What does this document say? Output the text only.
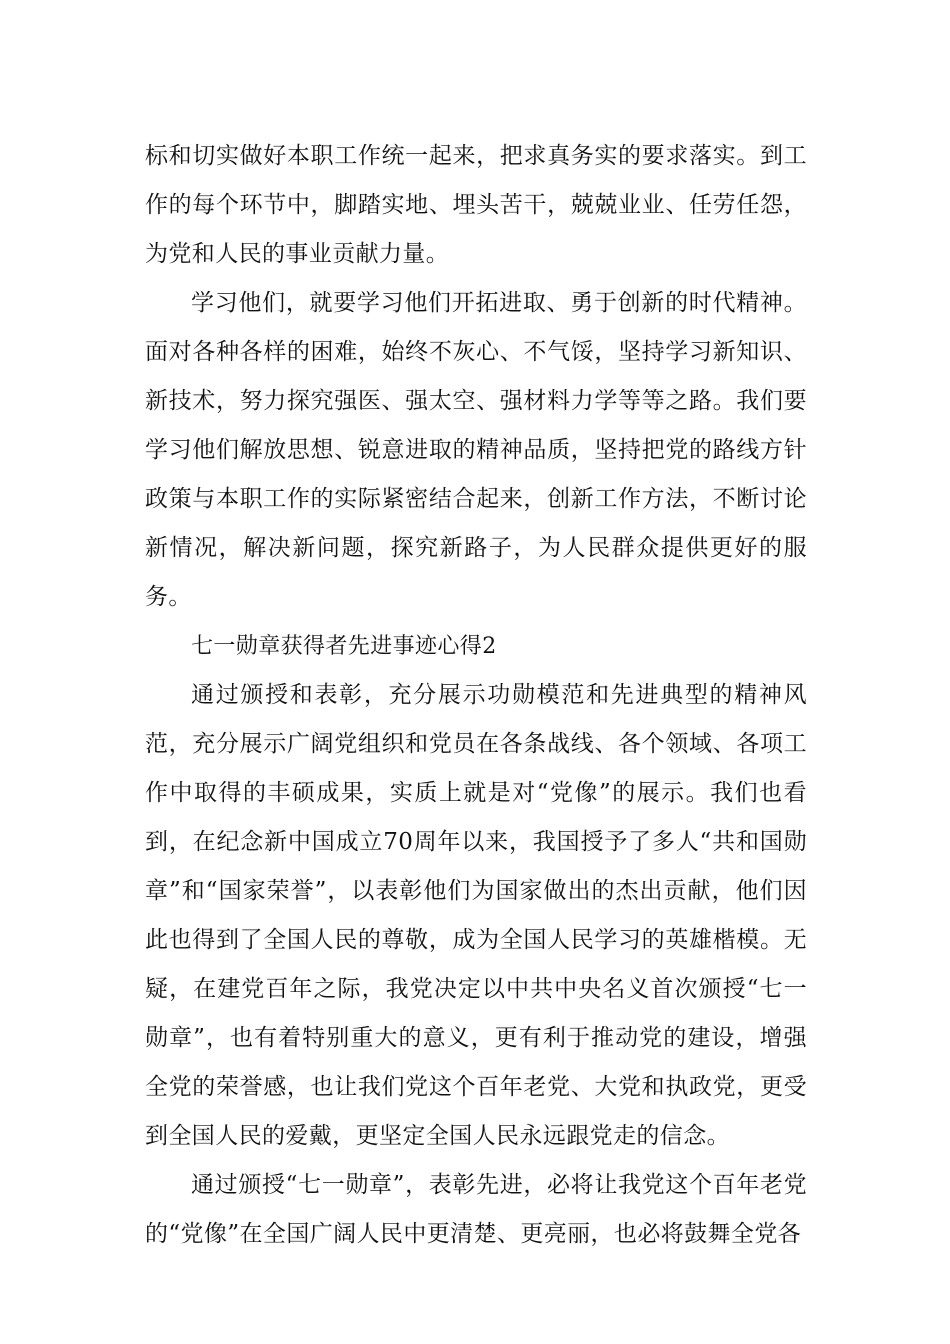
标和切实做好本职工作统一起来，把求真务实的要求落实。到工作的每个环节中，脚踏实地、埋头苦干，兢兢业业、任劳任怨，为党和人民的事业贡献力量。

学习他们，就要学习他们开拓进取、勇于创新的时代精神。面对各种各样的困难，始终不灰心、不气馁，坚持学习新知识、新技术，努力探究强医、强太空、强材料力学等等之路。我们要学习他们解放思想、锐意进取的精神品质，坚持把党的路线方针政策与本职工作的实际紧密结合起来，创新工作方法，不断讨论新情况，解决新问题，探究新路子，为人民群众提供更好的服务。

七一勋章获得者先进事迹心得2

通过颁授和表彰，充分展示功勋模范和先进典型的精神风范，充分展示广阔党组织和党员在各条战线、各个领域、各项工作中取得的丰硕成果，实质上就是对“党像”的展示。我们也看到，在纪念新中国成立70周年以来，我国授予了多人“共和国勋章”和“国家荣誉”，以表彰他们为国家做出的杰出贡献，他们因此也得到了全国人民的尊敬，成为全国人民学习的英雄楷模。无疑，在建党百年之际，我党决定以中共中央名义首次颁授“七一勋章”，也有着特别重大的意义，更有利于推动党的建设，增强全党的荣誉感，也让我们党这个百年老党、大党和执政党，更受到全国人民的爱戴，更坚定全国人民永远跟党走的信念。

通过颁授“七一勋章”，表彰先进，必将让我党这个百年老党的“党像”在全国广阔人民中更清楚、更亮丽，也必将鼓舞全党各
